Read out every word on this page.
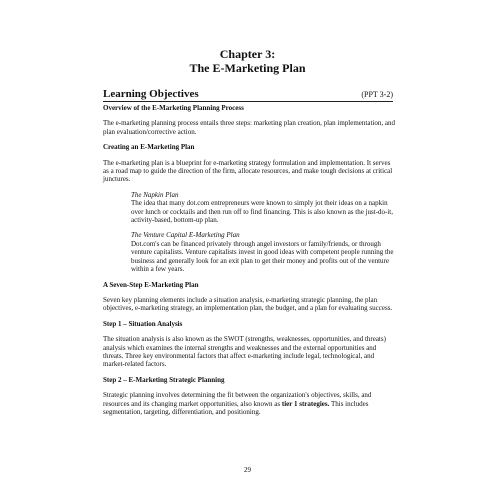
Chapter 3:
The E-Marketing Plan
Learning Objectives	(PPT 3-2)
Overview of the E-Marketing Planning Process
The e-marketing planning process entails three steps: marketing plan creation, plan implementation, and plan evaluation/corrective action.
Creating an E-Marketing Plan
The e-marketing plan is a blueprint for e-marketing strategy formulation and implementation. It serves as a road map to guide the direction of the firm, allocate resources, and make tough decisions at critical junctures.
The Napkin Plan
The idea that many dot.com entrepreneurs were known to simply jot their ideas on a napkin over lunch or cocktails and then run off to find financing. This is also known as the just-do-it, activity-based, bottom-up plan.
The Venture Capital E-Marketing Plan
Dot.com's can be financed privately through angel investors or family/friends, or through venture capitalists. Venture capitalists invest in good ideas with competent people running the business and generally look for an exit plan to get their money and profits out of the venture within a few years.
A Seven-Step E-Marketing Plan
Seven key planning elements include a situation analysis, e-marketing strategic planning, the plan objectives, e-marketing strategy, an implementation plan, the budget, and a plan for evaluating success.
Step 1 – Situation Analysis
The situation analysis is also known as the SWOT (strengths, weaknesses, opportunities, and threats) analysis which examines the internal strengths and weaknesses and the external opportunities and threats. Three key environmental factors that affect e-marketing include legal, technological, and market-related factors.
Step 2 – E-Marketing Strategic Planning
Strategic planning involves determining the fit between the organization's objectives, skills, and resources and its changing market opportunities, also known as tier 1 strategies. This includes segmentation, targeting, differentiation, and positioning.
29
